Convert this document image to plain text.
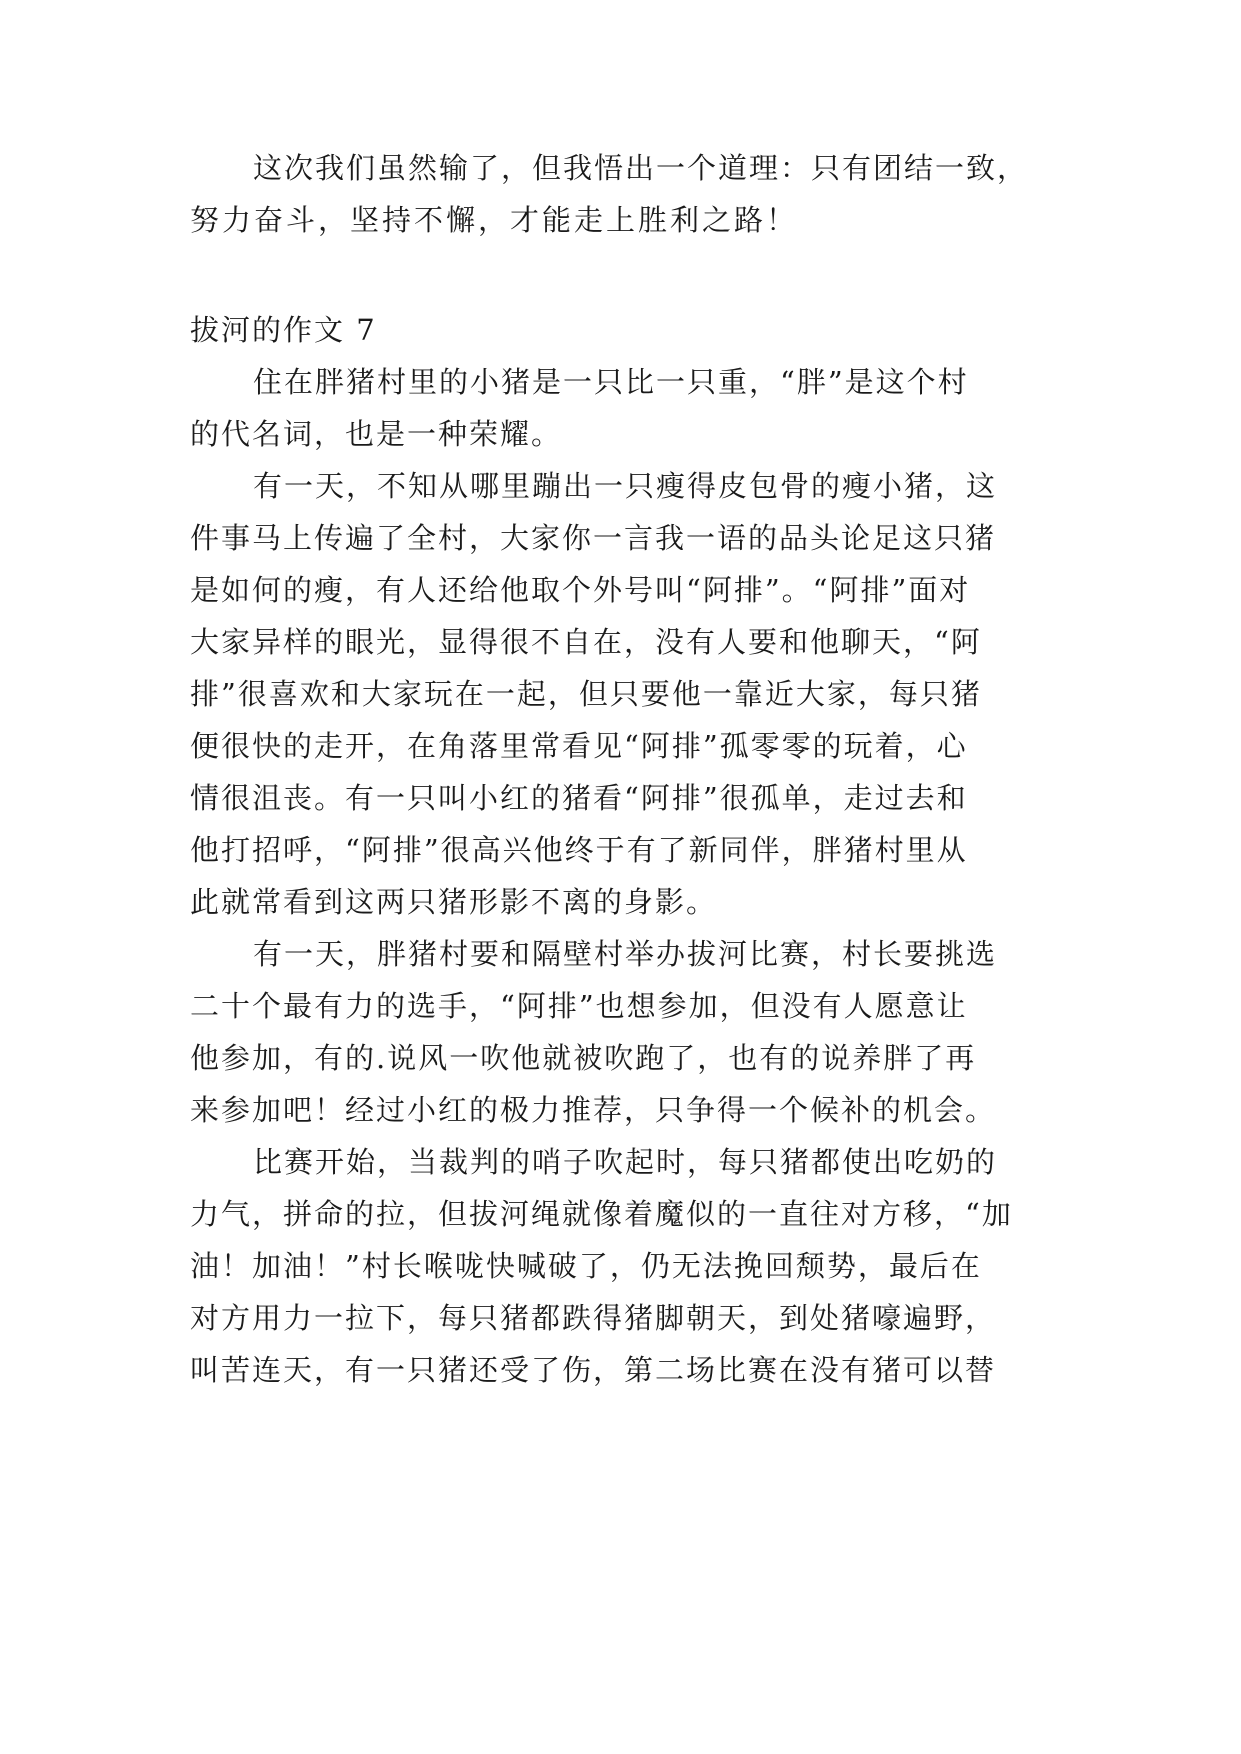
这次我们虽然输了，但我悟出一个道理：只有团结一致，
努力奋斗，坚持不懈，才能走上胜利之路！
拔河的作文 7
住在胖猪村里的小猪是一只比一只重，“胖”是这个村
的代名词，也是一种荣耀。
有一天，不知从哪里蹦出一只瘦得皮包骨的瘦小猪，这
件事马上传遍了全村，大家你一言我一语的品头论足这只猪
是如何的瘦，有人还给他取个外号叫“阿排”。“阿排”面对
大家异样的眼光，显得很不自在，没有人要和他聊天，“阿
排”很喜欢和大家玩在一起，但只要他一靠近大家，每只猪
便很快的走开，在角落里常看见“阿排”孤零零的玩着，心
情很沮丧。有一只叫小红的猪看“阿排”很孤单，走过去和
他打招呼，“阿排”很高兴他终于有了新同伴，胖猪村里从
此就常看到这两只猪形影不离的身影。
有一天，胖猪村要和隔壁村举办拔河比赛，村长要挑选
二十个最有力的选手，“阿排”也想参加，但没有人愿意让
他参加，有的.说风一吹他就被吹跑了，也有的说养胖了再
来参加吧！经过小红的极力推荐，只争得一个候补的机会。
比赛开始，当裁判的哨子吹起时，每只猪都使出吃奶的
力气，拼命的拉，但拔河绳就像着魔似的一直往对方移，“加
油！加油！”村长喉咙快喊破了，仍无法挽回颓势，最后在
对方用力一拉下，每只猪都跌得猪脚朝天，到处猪嚎遍野，
叫苦连天，有一只猪还受了伤，第二场比赛在没有猪可以替
